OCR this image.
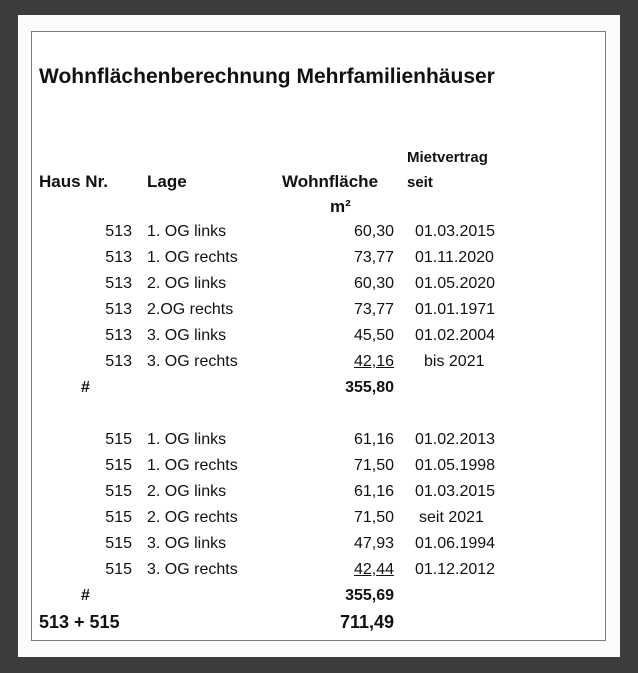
Wohnflächenberechnung Mehrfamilienhäuser
Mietvertrag
Haus Nr. Lage	Wohnfläche seit
m²
513 1. OG links	60,30 01.03.2015
513 1. OG rechts	73,77 01.11.2020
513 2. OG links	60,30 01.05.2020
513 2.OG rechts	73,77 01.01.1971
513 3. OG links	45,50 01.02.2004
513 3. OG rechts	42,16 bis 2021
#	355,80
515 1. OG links	61,16 01.02.2013
515 1. OG rechts	71,50 01.05.1998
515 2. OG links	61,16 01.03.2015
515 2. OG rechts	71,50 seit 2021
515 3. OG links	47,93 01.06.1994
515 3. OG rechts	42,44 01.12.2012
#	355,69
513 + 515	711,49
